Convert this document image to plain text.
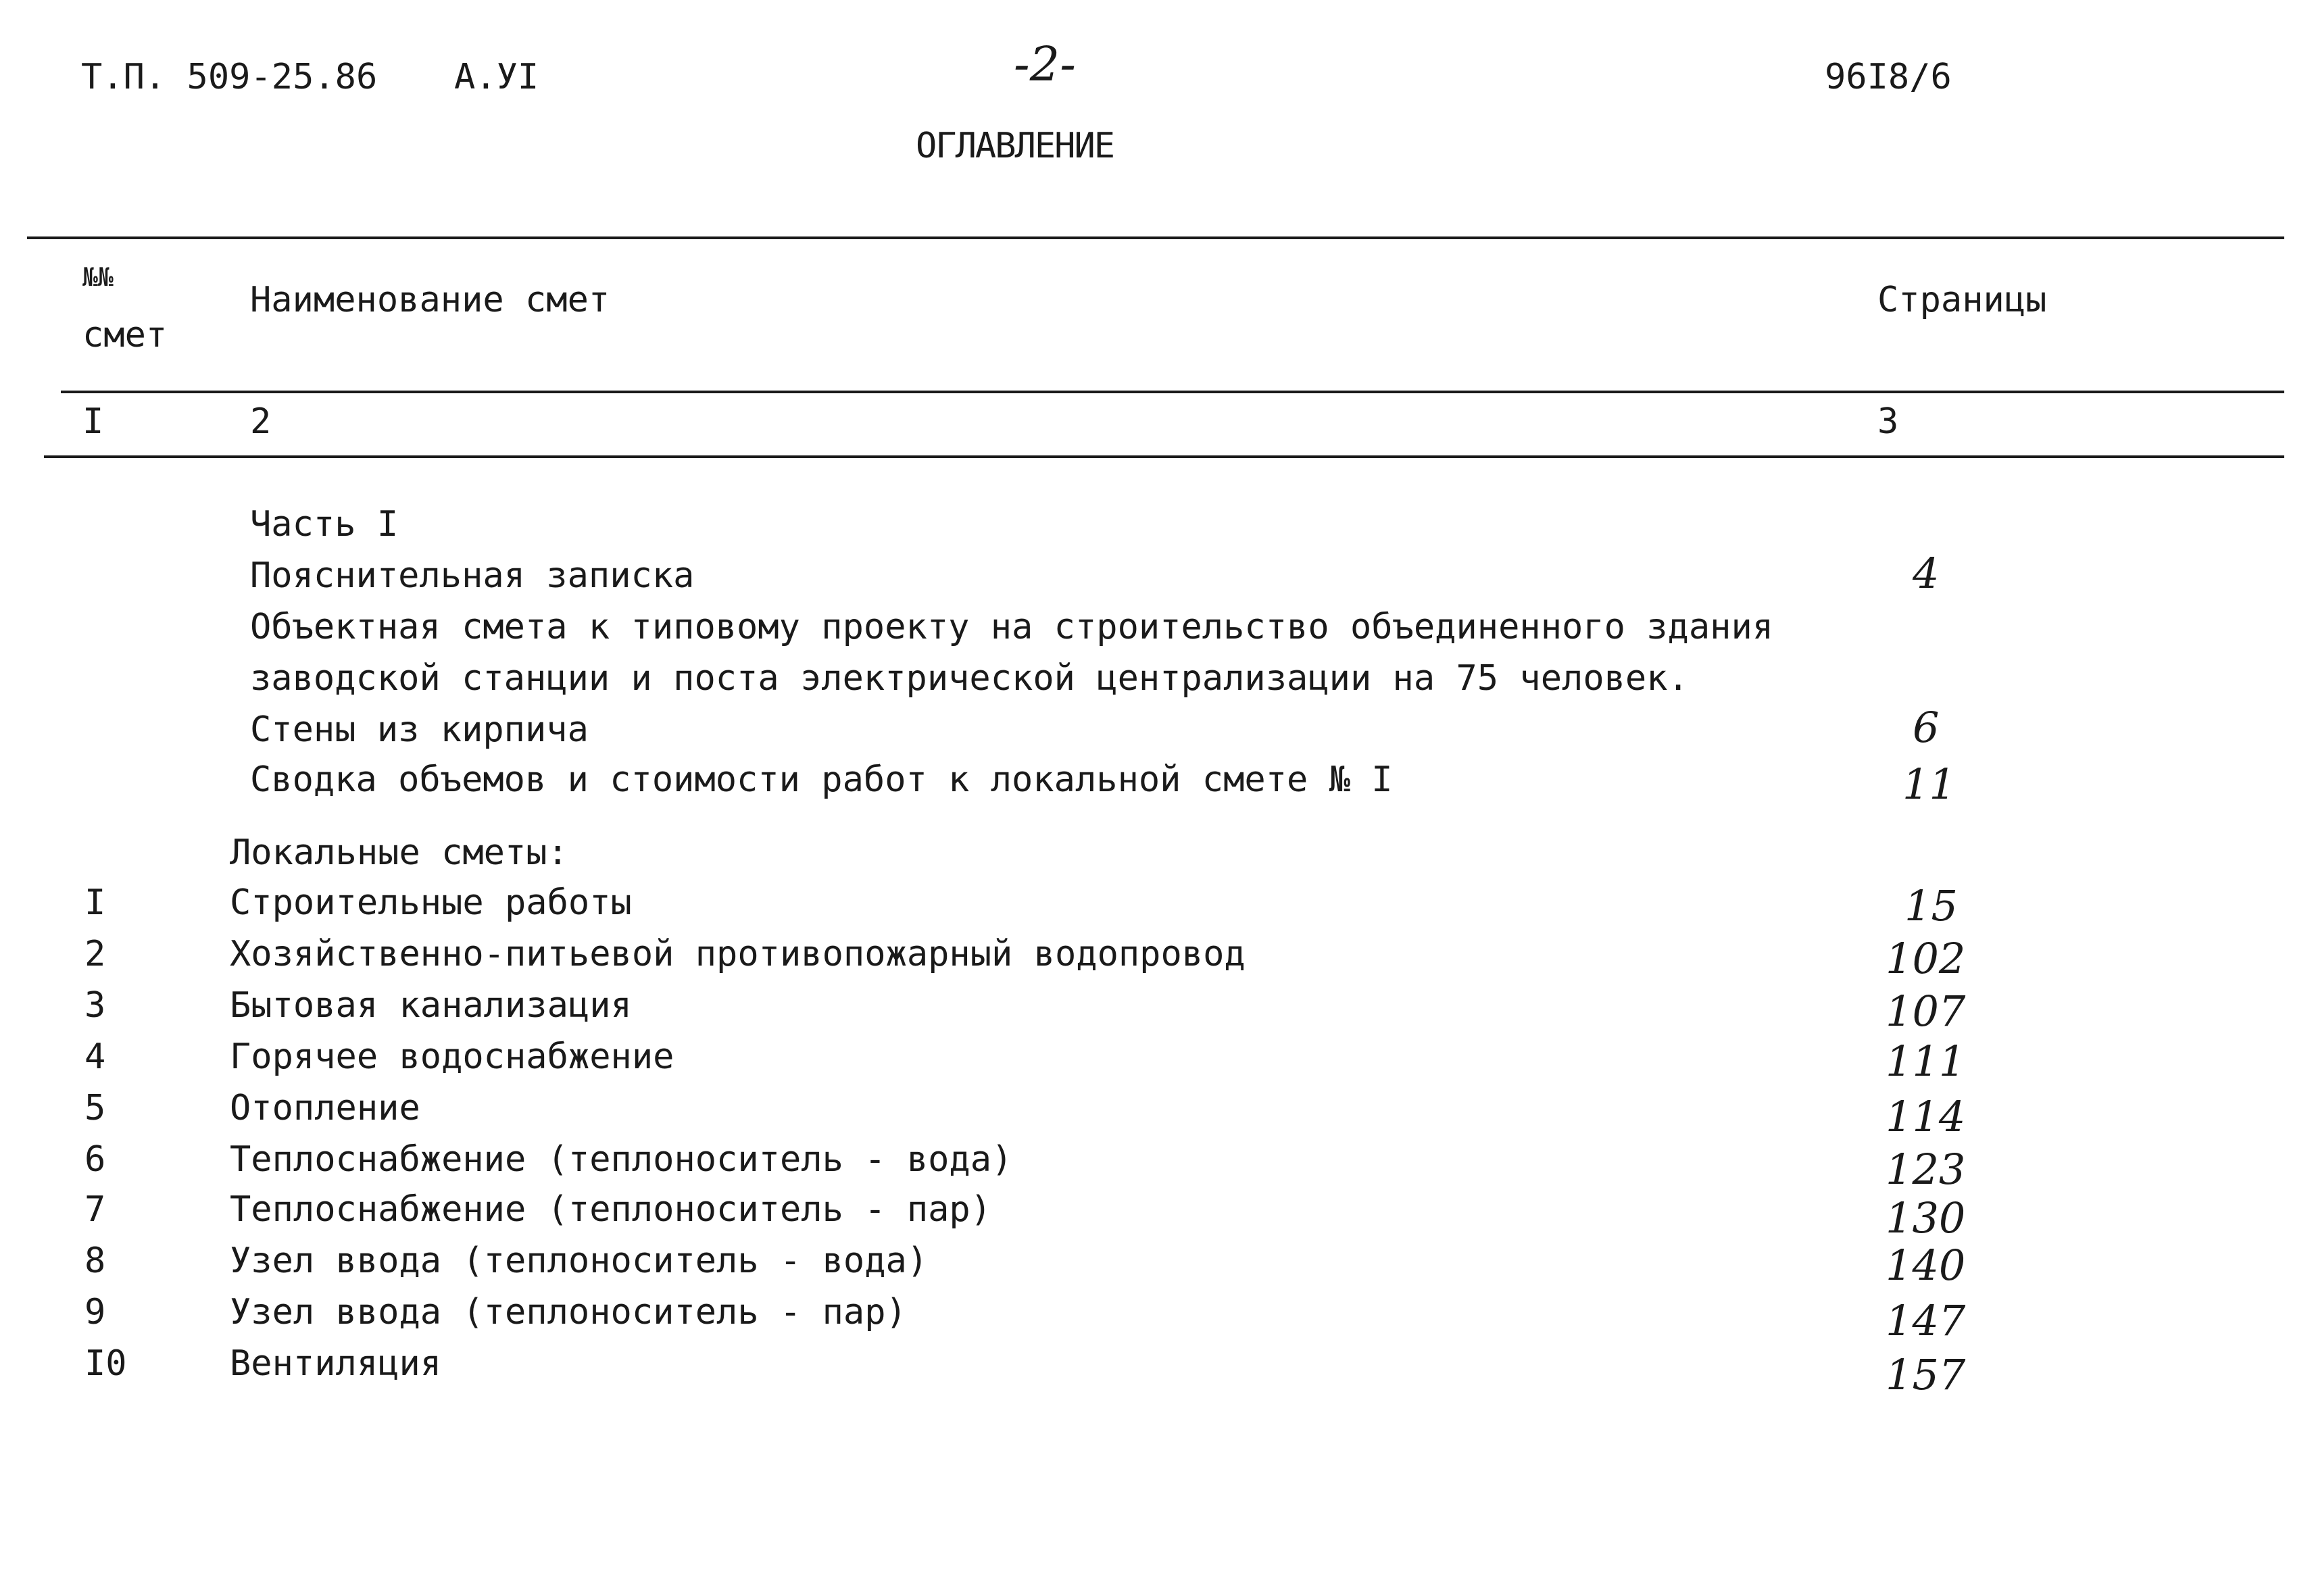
Т.П. 509-25.86 А.УI	-2-	96I8/6
ОГЛАВЛЕНИЕ
№№
смет
Наименование смет	Страницы
I	2	3
Часть I
Пояснительная записка	4
Объектная смета к типовому проекту на строительство объединенного здания
заводской станции и поста электрической централизации на 75 человек.
Стены из кирпича	6
Сводка объемов и стоимости работ к локальной смете № I	11
Локальные сметы:
I	Строительные работы	15
2	Хозяйственно-питьевой противопожарный водопровод	102
3	Бытовая канализация	107
4	Горячее водоснабжение	111
5	Отопление	114
6	Теплоснабжение (теплоноситель - вода)	123
7	Теплоснабжение (теплоноситель - пар)	130
8	Узел ввода (теплоноситель - вода)	140
9	Узел ввода (теплоноситель - пар)	147
I0	Вентиляция	157
